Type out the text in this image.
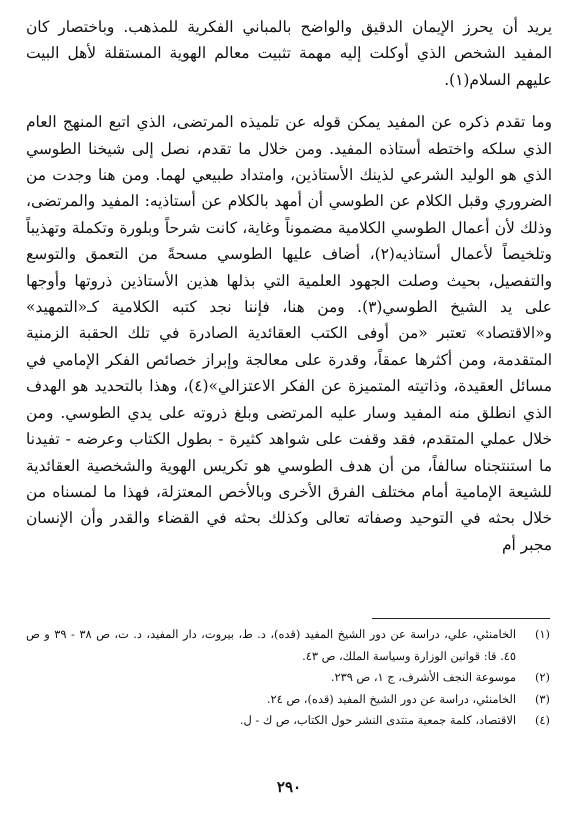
يريد أن يحرز الإيمان الدقيق والواضح بالمباني الفكرية للمذهب. وباختصار كان المفيد الشخص الذي أوكلت إليه مهمة تثبيت معالم الهوية المستقلة لأهل البيت عليهم السلام(١).

وما تقدم ذكره عن المفيد يمكن قوله عن تلميذه المرتضى، الذي اتبع المنهج العام الذي سلكه واختطه أستاذه المفيد. ومن خلال ما تقدم، نصل إلى شيخنا الطوسي الذي هو الوليد الشرعي لذينك الأستاذين، وامتداد طبيعي لهما. ومن هنا وجدت من الضروري وقبل الكلام عن الطوسي أن أمهد بالكلام عن أستاذيه: المفيد والمرتضى، وذلك لأن أعمال الطوسي الكلامية مضموناً وغاية، كانت شرحاً وبلورة وتكملة وتهذيباً وتلخيصاً لأعمال أستاذيه(٢)، أضاف عليها الطوسي مسحةً من التعمق والتوسع والتفصيل، بحيث وصلت الجهود العلمية التي بذلها هذين الأستاذين ذروتها وأوجها على يد الشيخ الطوسي(٣). ومن هنا، فإننا نجد كتبه الكلامية كـ«التمهيد» و«الاقتصاد» تعتبر «من أوفى الكتب العقائدية الصادرة في تلك الحقبة الزمنية المتقدمة، ومن أكثرها عمقاً، وقدرة على معالجة وإبراز خصائص الفكر الإمامي في مسائل العقيدة، وذاتيته المتميزة عن الفكر الاعتزالي»(٤)، وهذا بالتحديد هو الهدف الذي انطلق منه المفيد وسار عليه المرتضى وبلغ ذروته على يدي الطوسي. ومن خلال عملي المتقدم، فقد وقفت على شواهد كثيرة - بطول الكتاب وعرضه - تفيدنا ما استنتجناه سالفاً، من أن هدف الطوسي هو تكريس الهوية والشخصية العقائدية للشيعة الإمامية أمام مختلف الفرق الأخرى وبالأخص المعتزلة، فهذا ما لمسناه من خلال بحثه في التوحيد وصفاته تعالى وكذلك بحثه في القضاء والقدر وأن الإنسان مجبر أم

(١)
الخامنئي، علي، دراسة عن دور الشيخ المفيد (قده)، د. ط، بيروت، دار المفيد، د. ت، ص ٣٨ - ٣٩ و ص ٤٥. قا: قوانين الوزارة وسياسة الملك، ص ٤٣.
(٢)
موسوعة النجف الأشرف، ج ١، ص ٢٣٩.
(٣)
الخامنئي، دراسة عن دور الشيخ المفيد (قده)، ص ٢٤.
(٤)
الاقتصاد، كلمة جمعية منتدى النشر حول الكتاب، ص ك - ل.
٢٩٠
